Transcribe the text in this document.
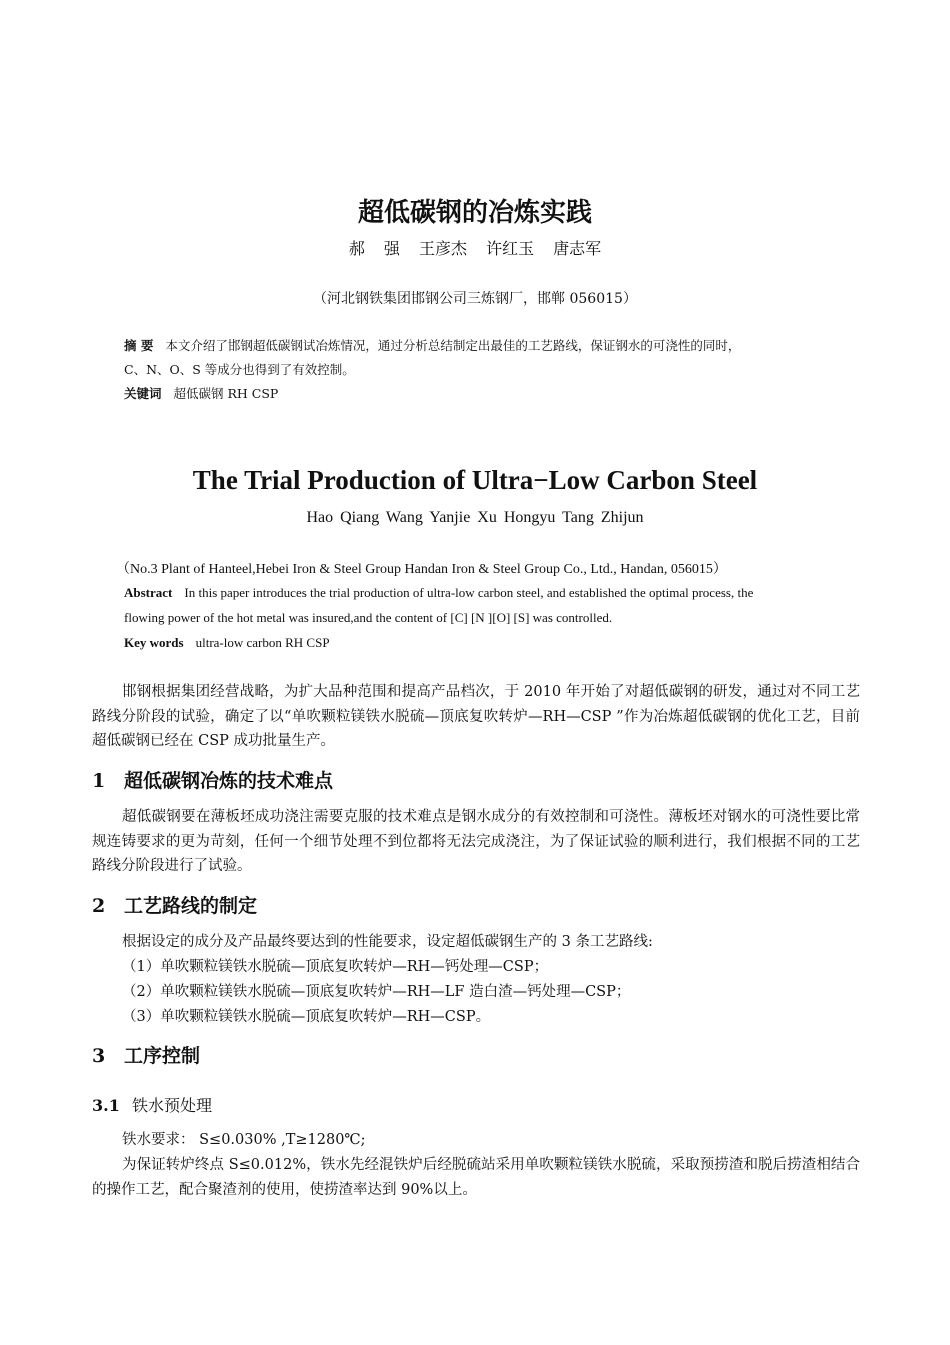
超低碳钢的冶炼实践
郝 强 王彦杰 许红玉 唐志军
（河北钢铁集团邯钢公司三炼钢厂，邯郸 056015）
摘 要 本文介绍了邯钢超低碳钢试冶炼情况，通过分析总结制定出最佳的工艺路线，保证钢水的可浇性的同时，
C、N、O、S 等成分也得到了有效控制。
关键词 超低碳钢 RH CSP
The Trial Production of Ultra−Low Carbon Steel
Hao Qiang Wang Yanjie Xu Hongyu Tang Zhijun
（No.3 Plant of Hanteel,Hebei Iron & Steel Group Handan Iron & Steel Group Co., Ltd., Handan, 056015）
Abstract In this paper introduces the trial production of ultra-low carbon steel, and established the optimal process, the
flowing power of the hot metal was insured,and the content of [C] [N ][O] [S] was controlled.
Key words ultra-low carbon RH CSP
邯钢根据集团经营战略，为扩大品种范围和提高产品档次，于 2010 年开始了对超低碳钢的研发，通过对不同工艺路线分阶段的试验，确定了以“单吹颗粒镁铁水脱硫—顶底复吹转炉—RH—CSP ”作为冶炼超低碳钢的优化工艺，目前超低碳钢已经在 CSP 成功批量生产。
1 超低碳钢冶炼的技术难点
超低碳钢要在薄板坯成功浇注需要克服的技术难点是钢水成分的有效控制和可浇性。薄板坯对钢水的可浇性要比常规连铸要求的更为苛刻，任何一个细节处理不到位都将无法完成浇注，为了保证试验的顺利进行，我们根据不同的工艺路线分阶段进行了试验。
2 工艺路线的制定
根据设定的成分及产品最终要达到的性能要求，设定超低碳钢生产的 3 条工艺路线:
（1）单吹颗粒镁铁水脱硫—顶底复吹转炉—RH—钙处理—CSP；
（2）单吹颗粒镁铁水脱硫—顶底复吹转炉—RH—LF 造白渣—钙处理—CSP；
（3）单吹颗粒镁铁水脱硫—顶底复吹转炉—RH—CSP。
3 工序控制
3.1 铁水预处理
铁水要求： S≤0.030% ,T≥1280℃;
为保证转炉终点 S≤0.012%，铁水先经混铁炉后经脱硫站采用单吹颗粒镁铁水脱硫，采取预捞渣和脱后捞渣相结合的操作工艺，配合聚渣剂的使用，使捞渣率达到 90%以上。
